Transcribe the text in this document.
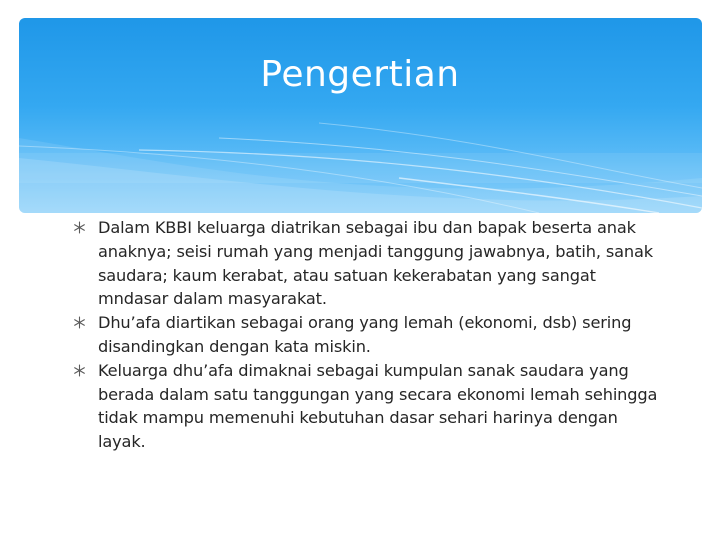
Pengertian
Dalam KBBI keluarga diatrikan sebagai ibu dan bapak beserta anak anaknya; seisi rumah yang menjadi tanggung jawabnya, batih, sanak saudara; kaum kerabat, atau satuan kekerabatan yang sangat mndasar dalam masyarakat.
Dhu’afa diartikan sebagai orang yang lemah (ekonomi, dsb) sering disandingkan dengan kata miskin.
Keluarga dhu’afa dimaknai sebagai kumpulan sanak saudara yang berada dalam satu tanggungan yang secara ekonomi lemah sehingga tidak mampu memenuhi kebutuhan dasar sehari harinya dengan layak.
